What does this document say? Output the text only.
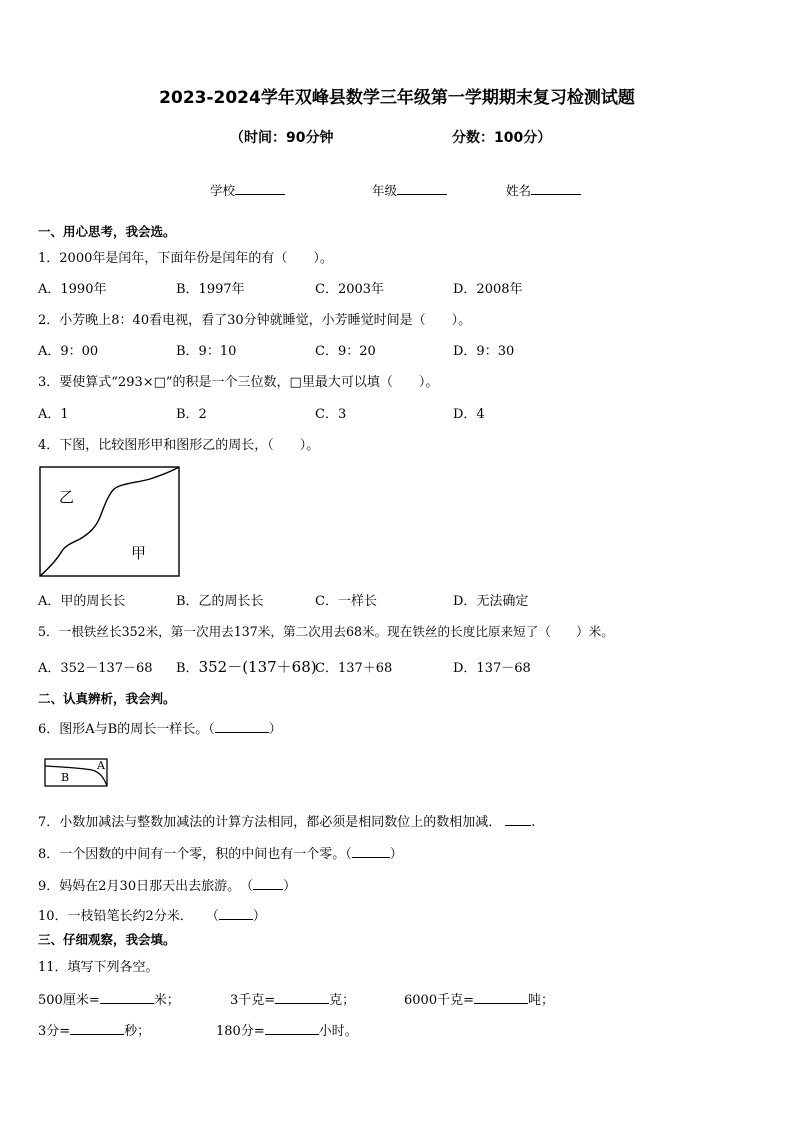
2023-2024学年双峰县数学三年级第一学期期末复习检测试题
（时间：90分钟	分数：100分）
学校	年级	姓名
一、用心思考，我会选。
1．2000年是闰年，下面年份是闰年的有（　　）。
A．1990年	B．1997年	C．2003年	D．2008年
2．小芳晚上8：40看电视，看了30分钟就睡觉，小芳睡觉时间是（　　）。
A．9：00	B．9：10	C．9：20	D．9：30
3．要使算式“293×□”的积是一个三位数，□里最大可以填（　　）。
A．1	B．2	C．3	D．4
4．下图，比较图形甲和图形乙的周长，（　　）。
乙
甲
A．甲的周长长	B．乙的周长长	C．一样长	D．无法确定
5．一根铁丝长352米，第一次用去137米，第二次用去68米。现在铁丝的长度比原来短了（　　）米。
A．352－137－68 B．352－(137＋68)
C．137＋68	D．137－68
二、认真辨析，我会判。
6．图形A与B的周长一样长。（	）
A
B
7．小数加减法与整数加减法的计算方法相同，都必须是相同数位上的数相加减． .
8．一个因数的中间有一个零，积的中间也有一个零。（	）
9．妈妈在2月30日那天出去旅游。　（ ）
10．一枝铅笔长约2分米．　　（	）
三、仔细观察，我会填。
11．填写下列各空。
500厘米=	米；	3千克=	克；	6000千克=	吨；
3分=	秒；	180分=	小时。
